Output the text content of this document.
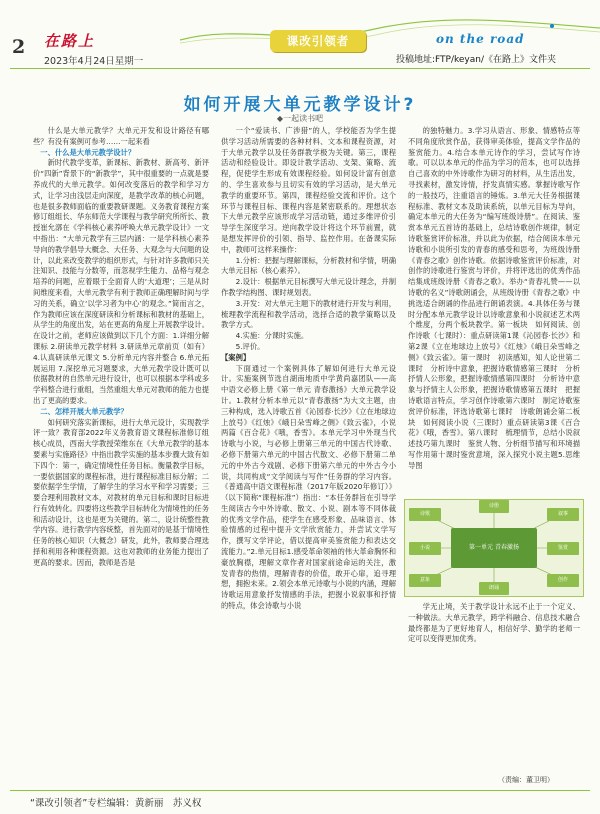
2 在路上
2023年4月24日星期一
课改引领者	on the road
投稿地址:FTP/keyan/《在路上》文件夹
如何开展大单元教学设计?
◆一起读书吧

什么是大单元教学？大单元开发和设计路径有哪些？有没有案例可参考……一起来看

一、什么是大单元教学设计？

新时代教学变革，新课标、新教材、新高考、新评价“四新”背景下的“新教学”，其中很重要的一点就是要养成代的大单元教学。如何改变落后的教学和学习方式，让学习由浅层走向深度，是教学改革的核心问题，也是很多教师面临的重要教研课题。义务教育课程方案修订组组长、华东师范大学课程与教学研究所所长、教授崔允漷在《学科核心素养呼唤大单元教学设计》一文中指出：“大单元教学有三层内涵：一是学科核心素养导向的教学倡导大概念、大任务、大观念与大问题的设计，以此来改变教学的组织形式，与针对许多教师只关注知识、技能与分数等，而忽视学生能力、品格与观念培养的问题，应着眼于全面育人的‘大道理’；三是从时间维度来看，大单元教学有利于教师正确理解时间与学习的关系，确立‘以学习者为中心’的观念。”简而言之，作为教师应该在深度研读和分析课标和教材的基础上，从学生的角度出发，站在更高的角度上开展教学设计。在设计之前，老师应该做到以下几个方面：1.详细分解课标 2.研读单元教学材料 3.研读单元章前页（如有）4.认真研读单元课文 5.分析单元内容并整合 6.单元拓展运用 7.深挖单元习题要求，大单元教学设计既可以依据教材的自然单元进行设计，也可以根据本学科或多学科整合进行重组，当然重组大单元对教师的能力也提出了更高的要求。

二、怎样开展大单元教学？

如何研究落实新课标，进行大单元设计，实现教学评一致？教育部2022年义务教育语文课程标准修订组核心成员，西南大学教授荣维东在《大单元教学的基本要素与实施路径》中指出教学实施的基本步骤大致有如下四个：第一，确定情境性任务目标。衡量教学目标，一要依据国家的课程标准，进行课程标准目标分解；二要依据学生学情，了解学生的学习水平和学习需要；三要合理利用教材文本，对教材的单元目标和课时目标进行有效转化。四要将这些教学目标转化为情境性的任务和活动设计，这也是更为关键的。第二，设计统整性教学内容。进行教学内容统整，首先面对的是基于情境性任务的核心知识（大概念）研发，此外，教师要合理选择和利用各种课程资源。这也对教师的业务能力提出了更高的要求。因而，教师是否是

一个“爱读书、广涉猎”的人，学校能否为学生提供学习活动所需要的各种材料、文本和课程资源，对于大单元教学以及任务群教学极为关键。第三，课程活动和经验设计。即设计教学活动、支架、策略、流程，促使学生形成有效课程经验。如何设计富有创意的、学生喜欢参与且切实有效的学习活动，是大单元教学的重要环节。第四，课程经验交流和评价。这个环节与课程目标、课程内容是紧密联系的。理想状态下大单元教学应该形成学习活动链，通过多维评价引导学生深度学习。逆向教学设计将这个环节前置，就是想发挥评价的引领、指导、监控作用。在备课实际中，教师可这样来操作：

1.分析：把握与理解课标，分析教材和学情，明确大单元目标（核心素养）。

2.设计：根据单元目标撰写大单元设计理念，并制作教学结构图、课时规划表。

3.开发：对大单元主题下的教材进行开发与利用，梳理教学流程和教学活动，选择合适的教学策略以及教学方式。

4.实施：分课时实施。

5.评价。

【案例】

下面通过一个案例具体了解如何进行大单元设计。实施案例节选自湖南地质中学黄尚嘉团队——高中语文必修上册《第一单元 青春激扬》大单元教学设计。1.教材分析本单元以“青春激扬”为大文主题，由三种构成，选入诗歌五首《沁园春·长沙》《立在地球边上放号》《红烛》《峨日朵雪峰之侧》《致云雀》，小说两篇《百合花》《哦，香雪》。本单元学习中外现当代诗歌与小说，与必修上册第三单元的中国古代诗歌、必修下册第六单元的中国古代散文、必修下册第二单元的中外古今戏剧、必修下册第六单元的中外古今小说，共同构成“文学阅读与写作”任务群的学习内容。《普通高中语文课程标准（2017年版2020年修订）》（以下简称“课程标准”）指出：“本任务群旨在引导学生阅读古今中外诗歌、散文、小说、剧本等不同体裁的优秀文学作品，使学生在感受形象、品味语言、体验情感的过程中提升文学欣赏能力，并尝试文学写作，撰写文学评论，借以提高审美鉴赏能力和表达交流能力。”2.单元目标1.感受革命领袖的伟大革命胸怀和豪放胸襟，理解文章作者对国家前途命运的关注，激发青春的热情，理解青春的价值，敢开心扉，追寻理想，拥抱未来。2.领会本单元诗歌与小说的内涵，理解诗歌运用意象抒发情感的手法，把握小说叙事和抒情的特点，体会诗歌与小说

的独特魅力。3.学习从语言、形象、情感特点等不同角度欣赏作品，获得审美体验，提高文学作品的鉴赏能力。4.结合本单元诗作的学习，尝试写作诗歌。可以以本单元的作品为学习的范本，也可以选择自己喜欢的中外诗歌作为研习的材料，从生活出发，寻找素材，激发诗情，抒发真情实感。掌握诗歌写作的一般技巧，注重语言的锤炼。3.单元大任务根据课程标准、教材文本及助读系统，以单元目标为导向，确定本单元的大任务为“编写班级诗册”。在阅读、鉴赏本单元五首诗的基础上，总结诗歌创作规律，制定诗歌鉴赏评价标准，并以此为依据，结合阅读本单元诗歌和小说所引发的青春的感受和思考，为班级诗册《青春之歌》创作诗歌。依据诗歌鉴赏评价标准，对创作的诗歌进行鉴赏与评价，并将评选出的优秀作品结集成班级诗册《青春之歌》。举办“青春礼赞——以诗歌的名义”诗歌朗诵会，从班级诗册《青春之歌》中挑选适合朗诵的作品进行朗诵表演。4.具体任务与课时分配本单元教学设计以诗歌意象和小说叙述艺术两个维度，分两个板块教学。第一板块　如何阅读、创作诗歌（七课时）：重点研读第1课《沁园春·长沙》和第2课《立在地球边上放号》《红烛》《峨日朵雪峰之侧》《致云雀》。第一课时　初读感知，知人论世第二课时　分析诗中意象，把握诗歌情感第三课时　分析抒情人公形象，把握诗歌情感第四课时　分析诗中意象与抒情主人公形象，把握诗歌情感第五课时　把握诗歌语言特点，学习创作诗歌第六课时　制定诗歌鉴赏评价标准，评选诗歌第七课时　诗歌朗诵会第二板块　如何阅读小说（三课时）重点研读第3课《百合花》《哦，香雪》。第八课时　梳理情节，总结小说叙述技巧第九课时　鉴赏人物、分析细节描写和环境描写作用第十课时鉴赏意境，深入探究小说主题5.思维导图

第一单元 青春激扬
诗歌
小说
意象
叙事
鉴赏
创作
诗册
朗诵

学无止境，关于教学设计永远不止于一个定义、一种做法。大单元教学，跨学科融合、信息技术融合最终都是为了更好地育人，相信好学、勤学的老师一定可以变得更加优秀。

（责编：董卫明）
“课改引领者”专栏编辑：黄新丽　苏义权
